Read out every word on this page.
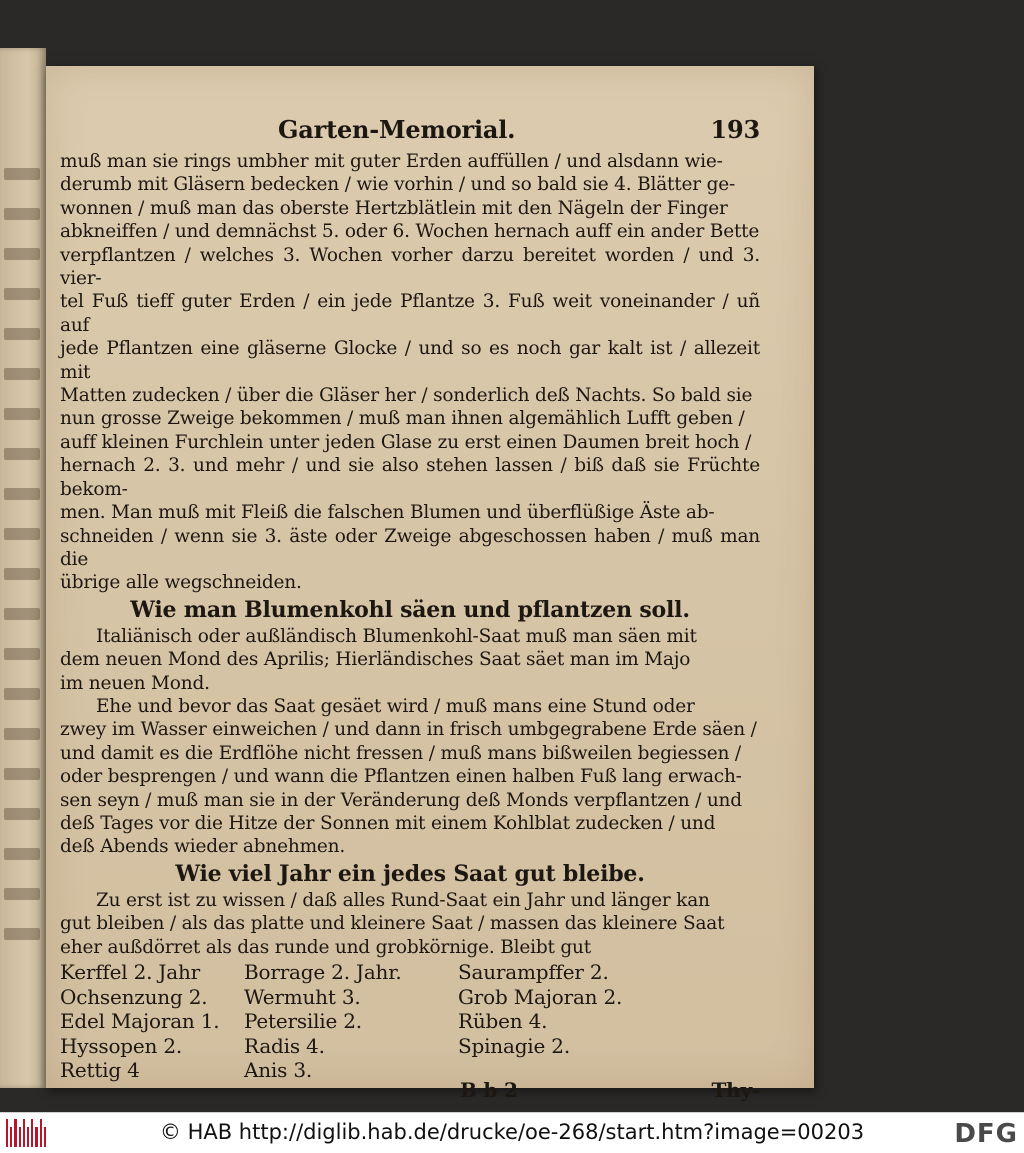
Garten-Memorial.	193

muß man sie rings umbher mit guter Erden auffüllen / und alsdann wie-

derumb mit Gläsern bedecken / wie vorhin / und so bald sie 4. Blätter ge-

wonnen / muß man das oberste Hertzblätlein mit den Nägeln der Finger

abkneiffen / und demnächst 5. oder 6. Wochen hernach auff ein ander Bette

verpflantzen / welches 3. Wochen vorher darzu bereitet worden / und 3. vier-

tel Fuß tieff guter Erden / ein jede Pflantze 3. Fuß weit voneinander / uñ auf

jede Pflantzen eine gläserne Glocke / und so es noch gar kalt ist / allezeit mit

Matten zudecken / über die Gläser her / sonderlich deß Nachts. So bald sie

nun grosse Zweige bekommen / muß man ihnen algemählich Lufft geben /

auff kleinen Furchlein unter jeden Glase zu erst einen Daumen breit hoch /

hernach 2. 3. und mehr / und sie also stehen lassen / biß daß sie Früchte bekom-

men. Man muß mit Fleiß die falschen Blumen und überflüßige Äste ab-

schneiden / wenn sie 3. äste oder Zweige abgeschossen haben / muß man die

übrige alle wegschneiden.

Wie man Blumenkohl säen und pflantzen soll.

Italiänisch oder außländisch Blumenkohl-Saat muß man säen mit

dem neuen Mond des Aprilis; Hierländisches Saat säet man im Majo

im neuen Mond.

Ehe und bevor das Saat gesäet wird / muß mans eine Stund oder

zwey im Wasser einweichen / und dann in frisch umbgegrabene Erde säen /

und damit es die Erdflöhe nicht fressen / muß mans bißweilen begiessen /

oder besprengen / und wann die Pflantzen einen halben Fuß lang erwach-

sen seyn / muß man sie in der Veränderung deß Monds verpflantzen / und

deß Tages vor die Hitze der Sonnen mit einem Kohlblat zudecken / und

deß Abends wieder abnehmen.

Wie viel Jahr ein jedes Saat gut bleibe.

Zu erst ist zu wissen / daß alles Rund-Saat ein Jahr und länger kan

gut bleiben / als das platte und kleinere Saat / massen das kleinere Saat

eher außdörret als das runde und grobkörnige. Bleibt gut

Kerffel 2. Jahr	Borrage 2. Jahr.	Saurampffer 2.
Ochsenzung 2.	Wermuht 3.	Grob Majoran 2.
Edel Majoran 1.	Petersilie 2.	Rüben 4.
Hyssopen 2.	Radis 4.	Spinagie 2.
Rettig 4	Anis 3.
B b 2	Thy-
© HAB http://diglib.hab.de/drucke/oe-268/start.htm?image=00203	DFG
